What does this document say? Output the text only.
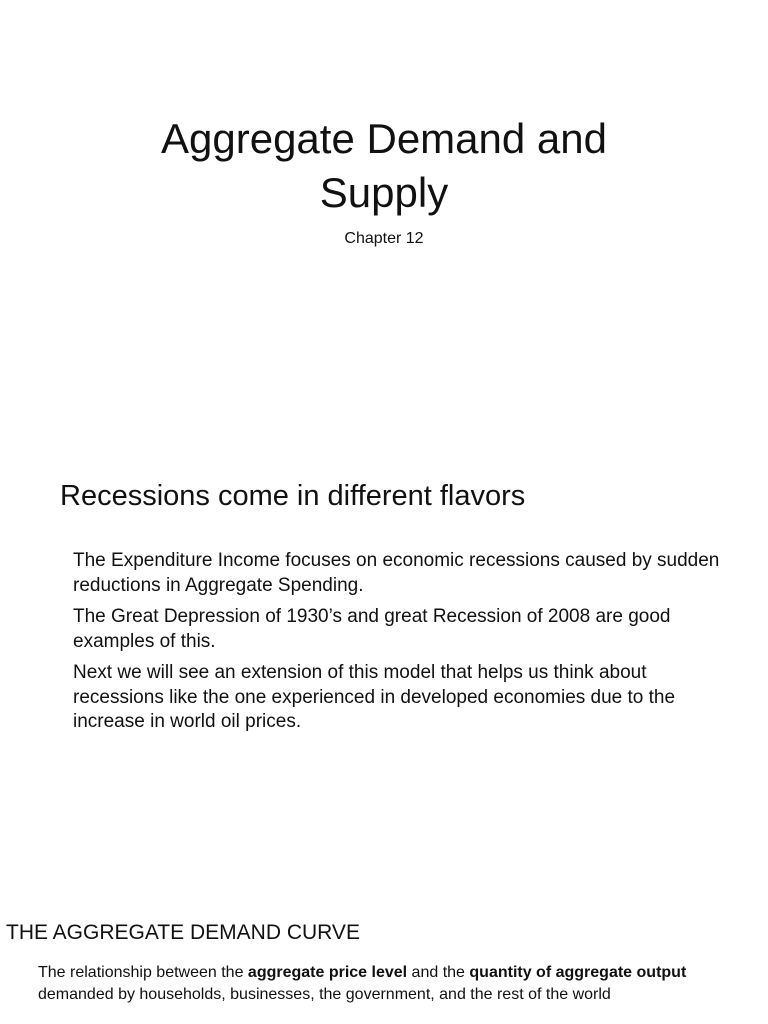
Aggregate Demand and
Supply
Chapter 12
Recessions come in different flavors

The Expenditure Income focuses on economic recessions caused by sudden reductions in Aggregate Spending.

The Great Depression of 1930’s and great Recession of 2008 are good examples of this.

Next we will see an extension of this model that helps us think about recessions like the one experienced in developed economies due to the increase in world oil prices.

THE AGGREGATE DEMAND CURVE

The relationship between the aggregate price level and the quantity of aggregate output demanded by households, businesses, the government, and the rest of the world
